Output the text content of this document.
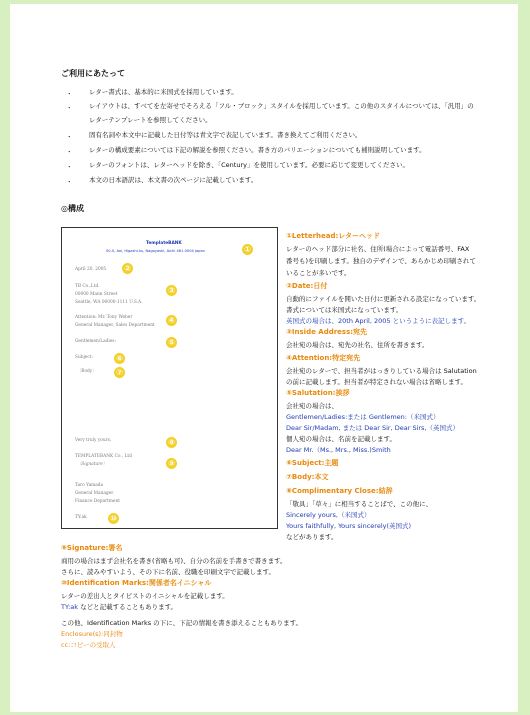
ご利用にあたって
・	レター書式は、基本的に米国式を採用しています。
・	レイアウトは、すべてを左寄せでそろえる「フル・ブロック」スタイルを採用しています。この他のスタイルについては、「汎用」の
レターテンプレートを参照してください。
・	固有名詞や本文中に記載した日付等は青文字で表記しています。書き換えてご利用ください。
・	レターの構成要素については下記の解説を参照ください。書き方のバリエーションについても補則説明しています。
・	レターのフォントは、レターヘッドを除き、「Century」を使用しています。必要に応じて変更してください。
・	本文の日本語訳は、本文書の次ページに記載しています。
◎構成
TemplateBANK
00-0, Aoi, Higashi-ku, Nagoyashi, Aichi 461-0004 Japan	①
April 20, 2005 ②
TB Co.,Ltd.
00000 Mann Street
Seattle, WA 00000-1111 U.S.A.
③
Attention: Mr. Tony Weber
General Manager, Sales Department
④
Gentlemen/Ladies:	⑤
Subject:	⑥
〔Body〕 ⑦
Very truly yours,	⑧
TEMPLATEBANK Co., Ltd
〔Signature〕	⑨
Taro Yamada
General Manager
Finance Department
TY:ak	⑩
①Letterhead:レターヘッド
レターのヘッド部分に社名、住所(場合によって電話番号、FAX
番号も)を印刷します。独自のデザインで、あらかじめ印刷されて
いることが多いです。
②Date:日付
自動的にファイルを開いた日付に更新される設定になっています。
書式については米国式になっています。
英国式の場合は、20th April, 2005 というように表記します。
③Inside Address:宛先
会社宛の場合は、宛先の社名、住所を書きます。
④Attention:特定宛先
会社宛のレターで、担当者がはっきりしている場合は Salutation
の前に記載します。担当者が特定されない場合は省略します。
⑤Salutation:挨拶
会社宛の場合は、
Gentlemen/Ladies:または Gentlemen:（米国式）
Dear Sir/Madam, または Dear Sir, Dear Sirs,（英国式）
個人宛の場合は、名前を記載します。
Dear Mr.（Ms., Mrs., Miss.)Smith
⑥Subject:主題
⑦Body:本文
⑧Complimentary Close:結辞
「敬具」「草々」に相当することばで、この他に、
Sincerely yours,（米国式）
Yours faithfully, Yours sincerely(英国式)
などがあります。
⑨Signature:署名
商用の場合はまず会社名を書き(省略も可)、自分の名前を手書きで書きます。
さらに、読みやすいよう、その下に名前、役職を印刷文字で記載します。
⑩Identification Marks:関係者名イニシャル
レターの差出人とタイピストのイニシャルを記載します。
TY:ak などと記載することもあります。
この他、Identification Marks の下に、下記の情報を書き添えることもあります。
Enclosure(s):同封物
cc:コピーの受取人
